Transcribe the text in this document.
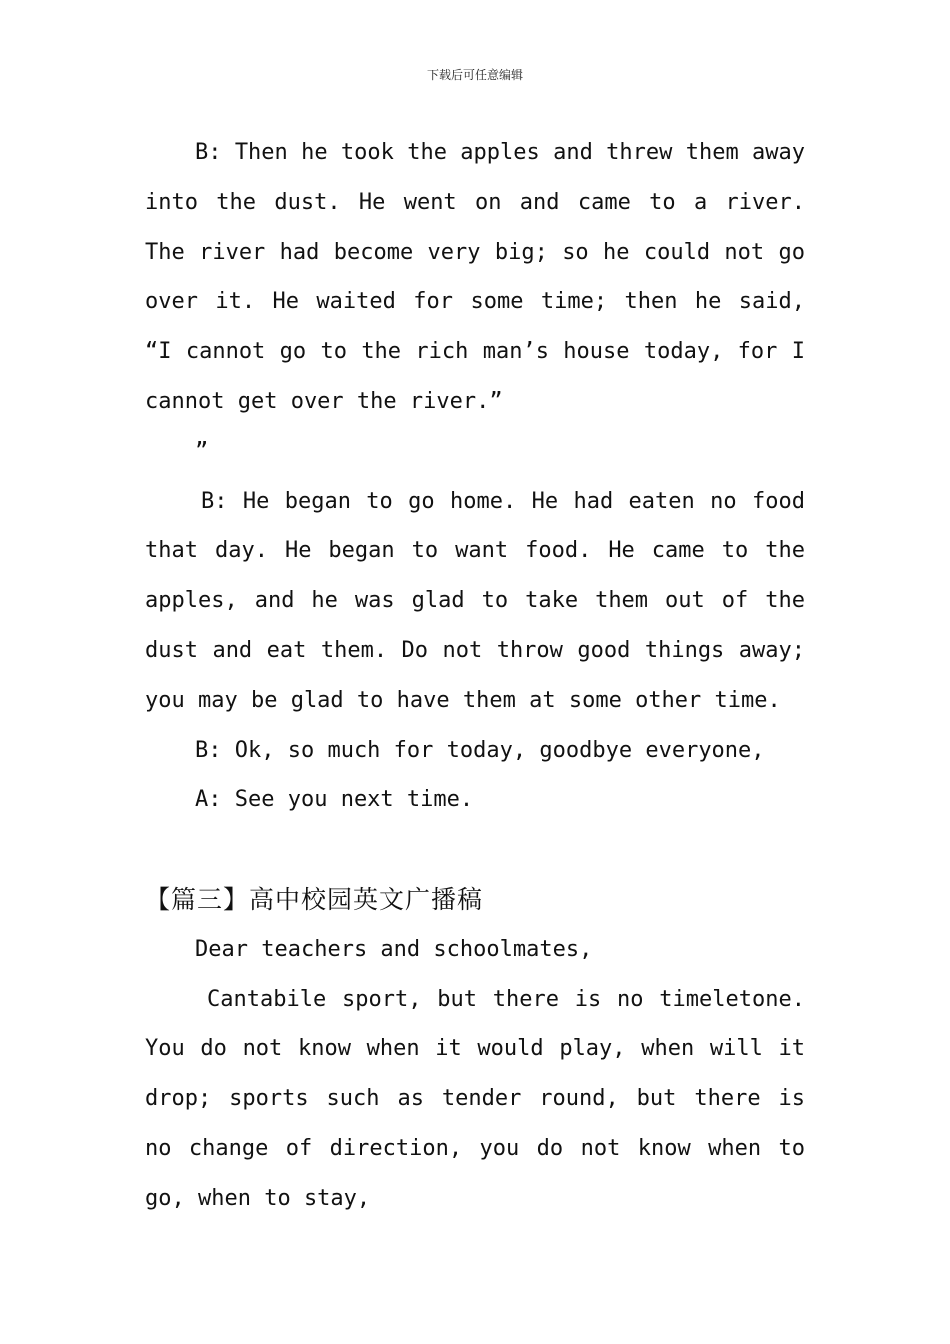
下载后可任意编辑

B: Then he took the apples and threw them away into the dust. He went on and came to a river. The river had become very big; so he could not go over it. He waited for some time; then he said, “I cannot go to the rich man’s house today, for I cannot get over the river.”

”

B: He began to go home. He had eaten no food that day. He began to want food. He came to the apples, and he was glad to take them out of the dust and eat them. Do not throw good things away; you may be glad to have them at some other time.

B: Ok, so much for today, goodbye everyone,

A: See you next time.

【篇三】高中校园英文广播稿

Dear teachers and schoolmates,

Cantabile sport, but there is no timeletone. You do not know when it would play, when will it drop; sports such as tender round, but there is no change of direction, you do not know when to go, when to stay,
